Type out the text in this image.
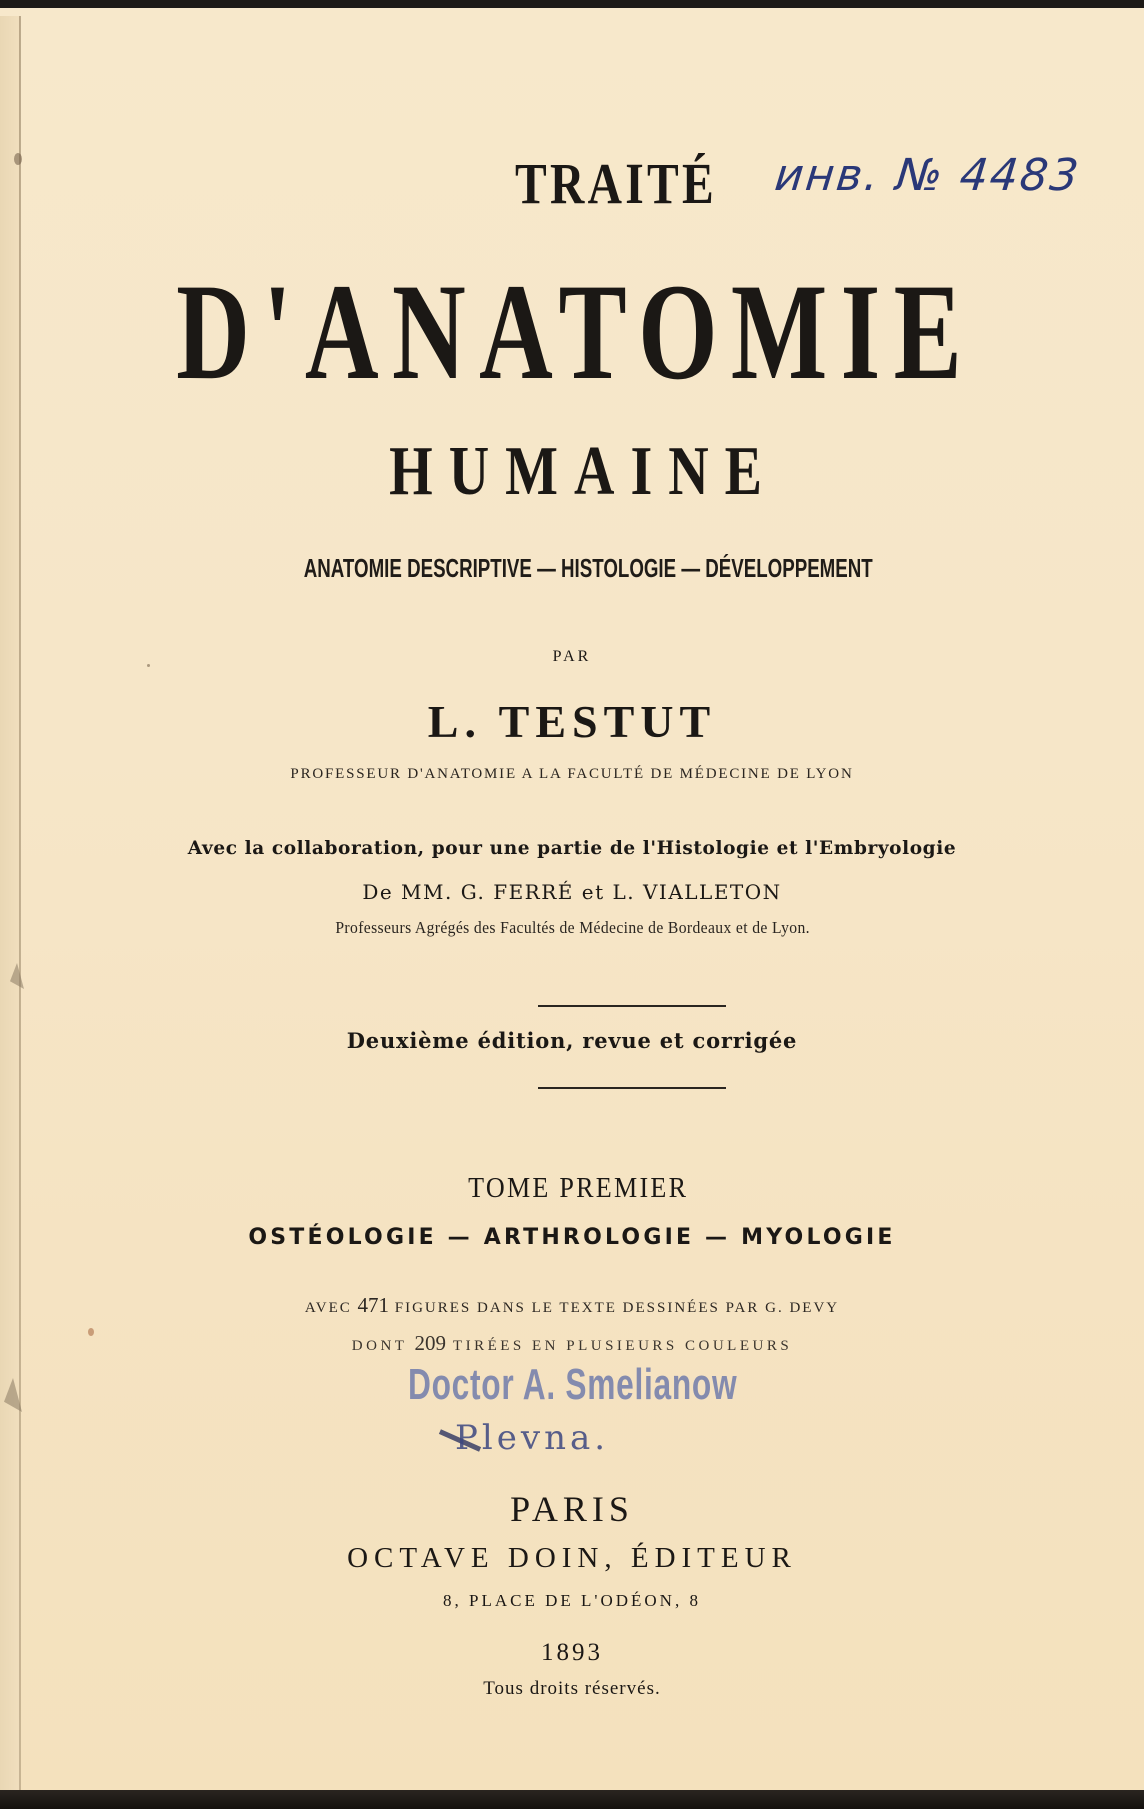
TRAITÉ	инв. № 4483
D'ANATOMIE
HUMAINE
ANATOMIE DESCRIPTIVE — HISTOLOGIE — DÉVELOPPEMENT
PAR
L. TESTUT
PROFESSEUR D'ANATOMIE A LA FACULTÉ DE MÉDECINE DE LYON
Avec la collaboration, pour une partie de l'Histologie et l'Embryologie
De MM. G. FERRÉ et L. VIALLETON
Professeurs Agrégés des Facultés de Médecine de Bordeaux et de Lyon.
Deuxième édition, revue et corrigée
TOME PREMIER
OSTÉOLOGIE — ARTHROLOGIE — MYOLOGIE
AVEC 471 FIGURES DANS LE TEXTE DESSINÉES PAR G. DEVY
DONT 209 TIRÉES EN PLUSIEURS COULEURS
Doctor A. Smelianow
Plevna.
PARIS
OCTAVE DOIN, ÉDITEUR
8, PLACE DE L'ODÉON, 8
1893
Tous droits réservés.
